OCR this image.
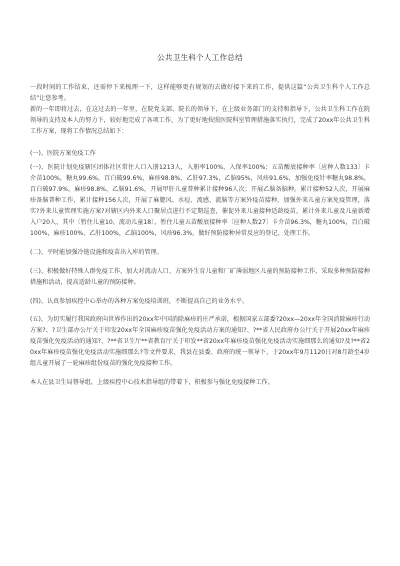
公共卫生科个人工作总结

一段时间的工作结束，还需停下来梳理一下，这样能够更有规划的去做好接下来的工作，提供这篇“公共卫生科个人工作总结”让您参考。

新的一年即将过去，在这过去的一年里，在院党支部、院长的领导下，在上级业务部门的支持和指导下，公共卫生科工作在院领导的支持及本人的努力下，较好地完成了各项工作，为了更好地按照医院科室管理措施落实执行，完成了20xx年公共卫生科工作方案，现将工作情况总结如下：

(一)、医院方案免疫工作

(一)、医院计划免疫辖区团体社区常住人口入册1213人，入册率100%，入保率100%；五苗酸底接种率〔应种人数133〕卡介苗100%，糖丸99.6%，百白破99.6%，麻疹98.8%，乙肝97.3%，乙脑95%，风疹91.6%，加强免疫针率糖丸98.8%，百白破97.9%，麻疹98.8%，乙脑91.6%，开展甲肝儿童普种累计接种96人次；开展乙脑备脑种。累计接种52人次，开展麻疹备脑普种工作，累计接种156人次，开展了麻腮风、水痘、流感、流脑等方案外疫苗接种，加强外来儿童方案免疫管理，落实?外来儿童管理实施方案?对辖区内外来人口聚居点进行不定期巡查，催促外来儿童接种适龄疫苗，累计外来儿童及儿童新增入户20人，其中〔暂住儿童10、流动儿童18〕，暂住儿童五苗酸底接种率〔应种人数27〕卡介苗96.3%，糖丸100%，百白破100%，麻疹100%，乙肝100%，乙脑100%，风疹96.3%，做好预防接种异常反应的登记、处理工作。

(二)、平时能加强冷链设施和疫苗出入库的管理。

(三)、积极做好特殊人群免疫工作，加大对流动人口、方案外生育儿童和厂矿薄弱地区儿童的预防接种工作，采取多种预防接种措施和活动，提高适龄儿童的预防接种。

(四)、认真参加疾控中心举办的各种方案免疫培训班，不断提高自己的业务水平。

(五)、为切实履行我国政府向世界作出的20xx年中国消除麻疹的庄严承诺，根据国家五部委?20xx—20xx年全国消除麻疹行动方案?、?卫生部办公厅关于印发20xx年全国麻疹疫苗强化免疫活动方案的通知?、?**省人民政府办公厅关于开展20xx年麻疹疫苗强化免疫活动的通知?、?**省卫生厅**省教育厅关于印发**省20xx年麻疹疫苗强化免疫活动实施细那么的通知?及?**省20xx年麻疹疫苗强化免疫活动实施细那么?等文件要求，我县在县委、政府的统一领导下，于20xx年9月1120日对8月龄至4岁组儿童开展了一轮麻疹组份疫苗的强化免疫接种工作。

本人在县卫生局督导组、上级疾控中心技术指导组的带着下，积极参与强化免疫接种工作。
